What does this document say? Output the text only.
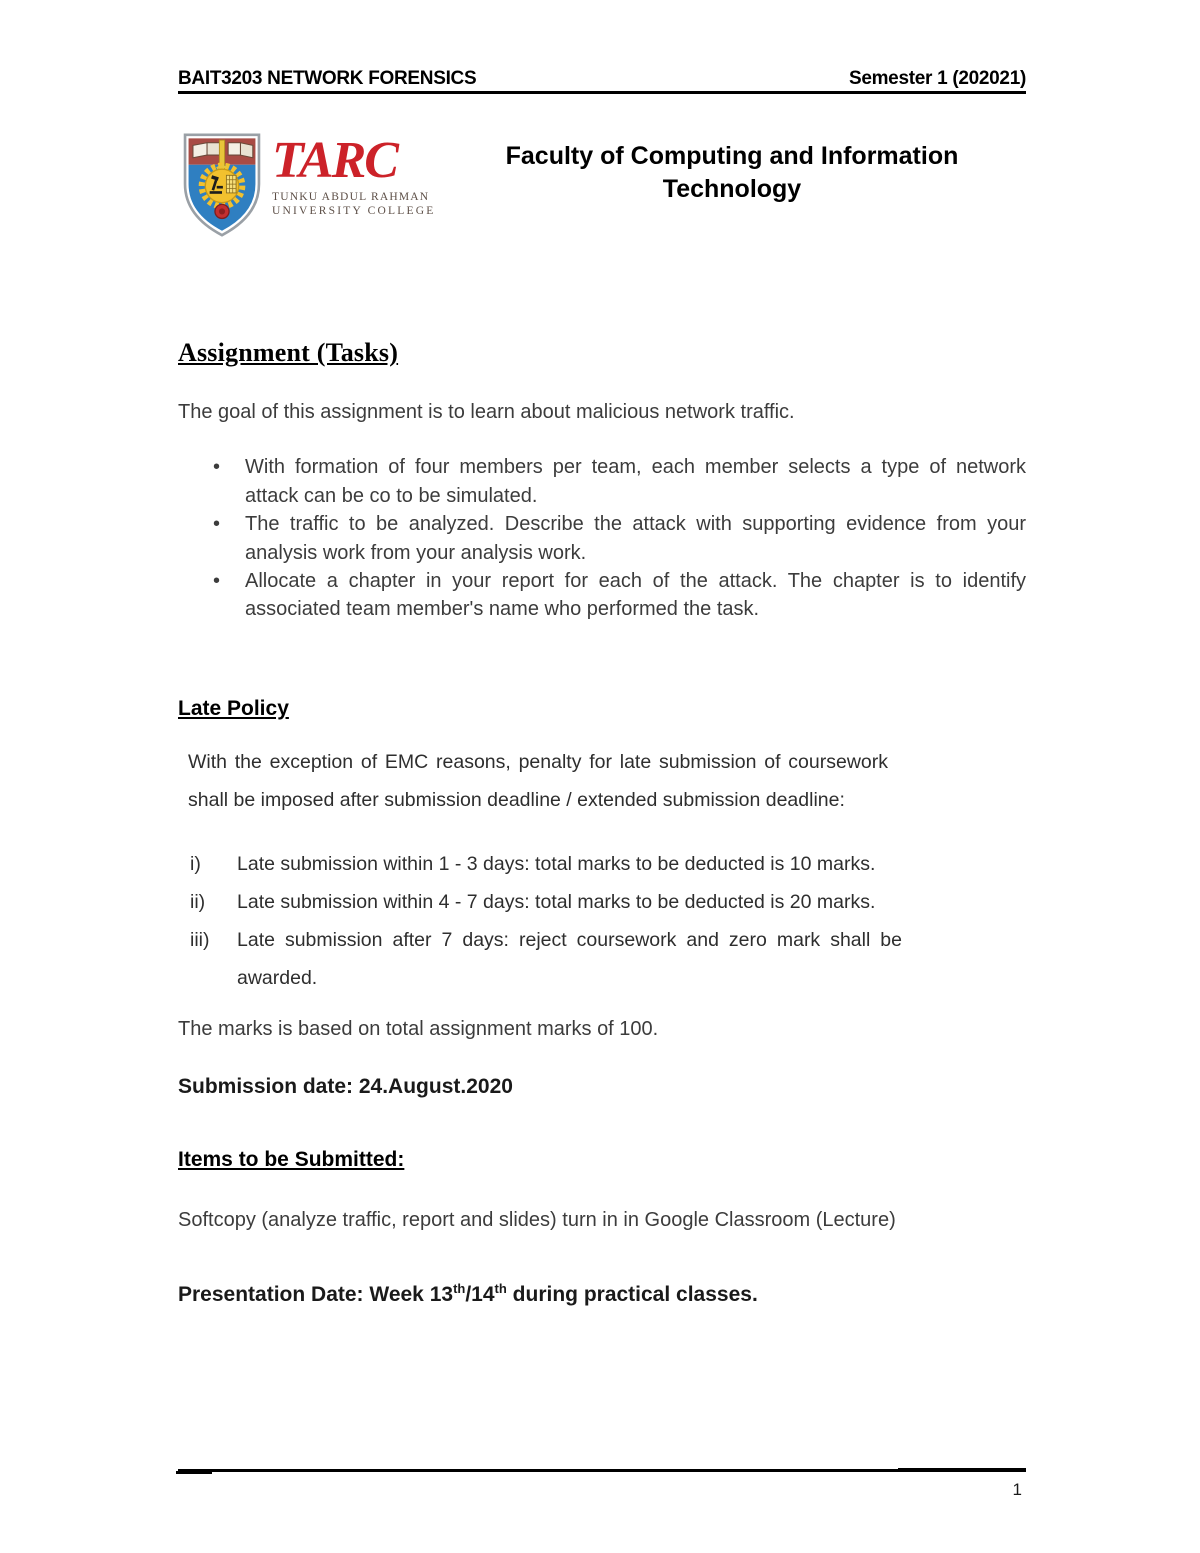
BAIT3203 NETWORK FORENSICS	Semester 1 (202021)
TARC
TUNKU ABDUL RAHMAN
UNIVERSITY COLLEGE
Faculty of Computing and Information Technology
Assignment (Tasks)

The goal of this assignment is to learn about malicious network traffic.

• With formation of four members per team, each member selects a type of network attack can be co to be simulated.
• The traffic to be analyzed. Describe the attack with supporting evidence from your analysis work from your analysis work.
• Allocate a chapter in your report for each of the attack. The chapter is to identify associated team member's name who performed the task.
Late Policy

With the exception of EMC reasons, penalty for late submission of coursework shall be imposed after submission deadline / extended submission deadline:

i)	Late submission within 1 - 3 days: total marks to be deducted is 10 marks.
ii)	Late submission within 4 - 7 days: total marks to be deducted is 20 marks.
iii)	Late submission after 7 days: reject coursework and zero mark shall be awarded.

The marks is based on total assignment marks of 100.

Submission date: 24.August.2020
Items to be Submitted:

Softcopy (analyze traffic, report and slides) turn in in Google Classroom (Lecture)

Presentation Date: Week 13th/14th during practical classes.
1
